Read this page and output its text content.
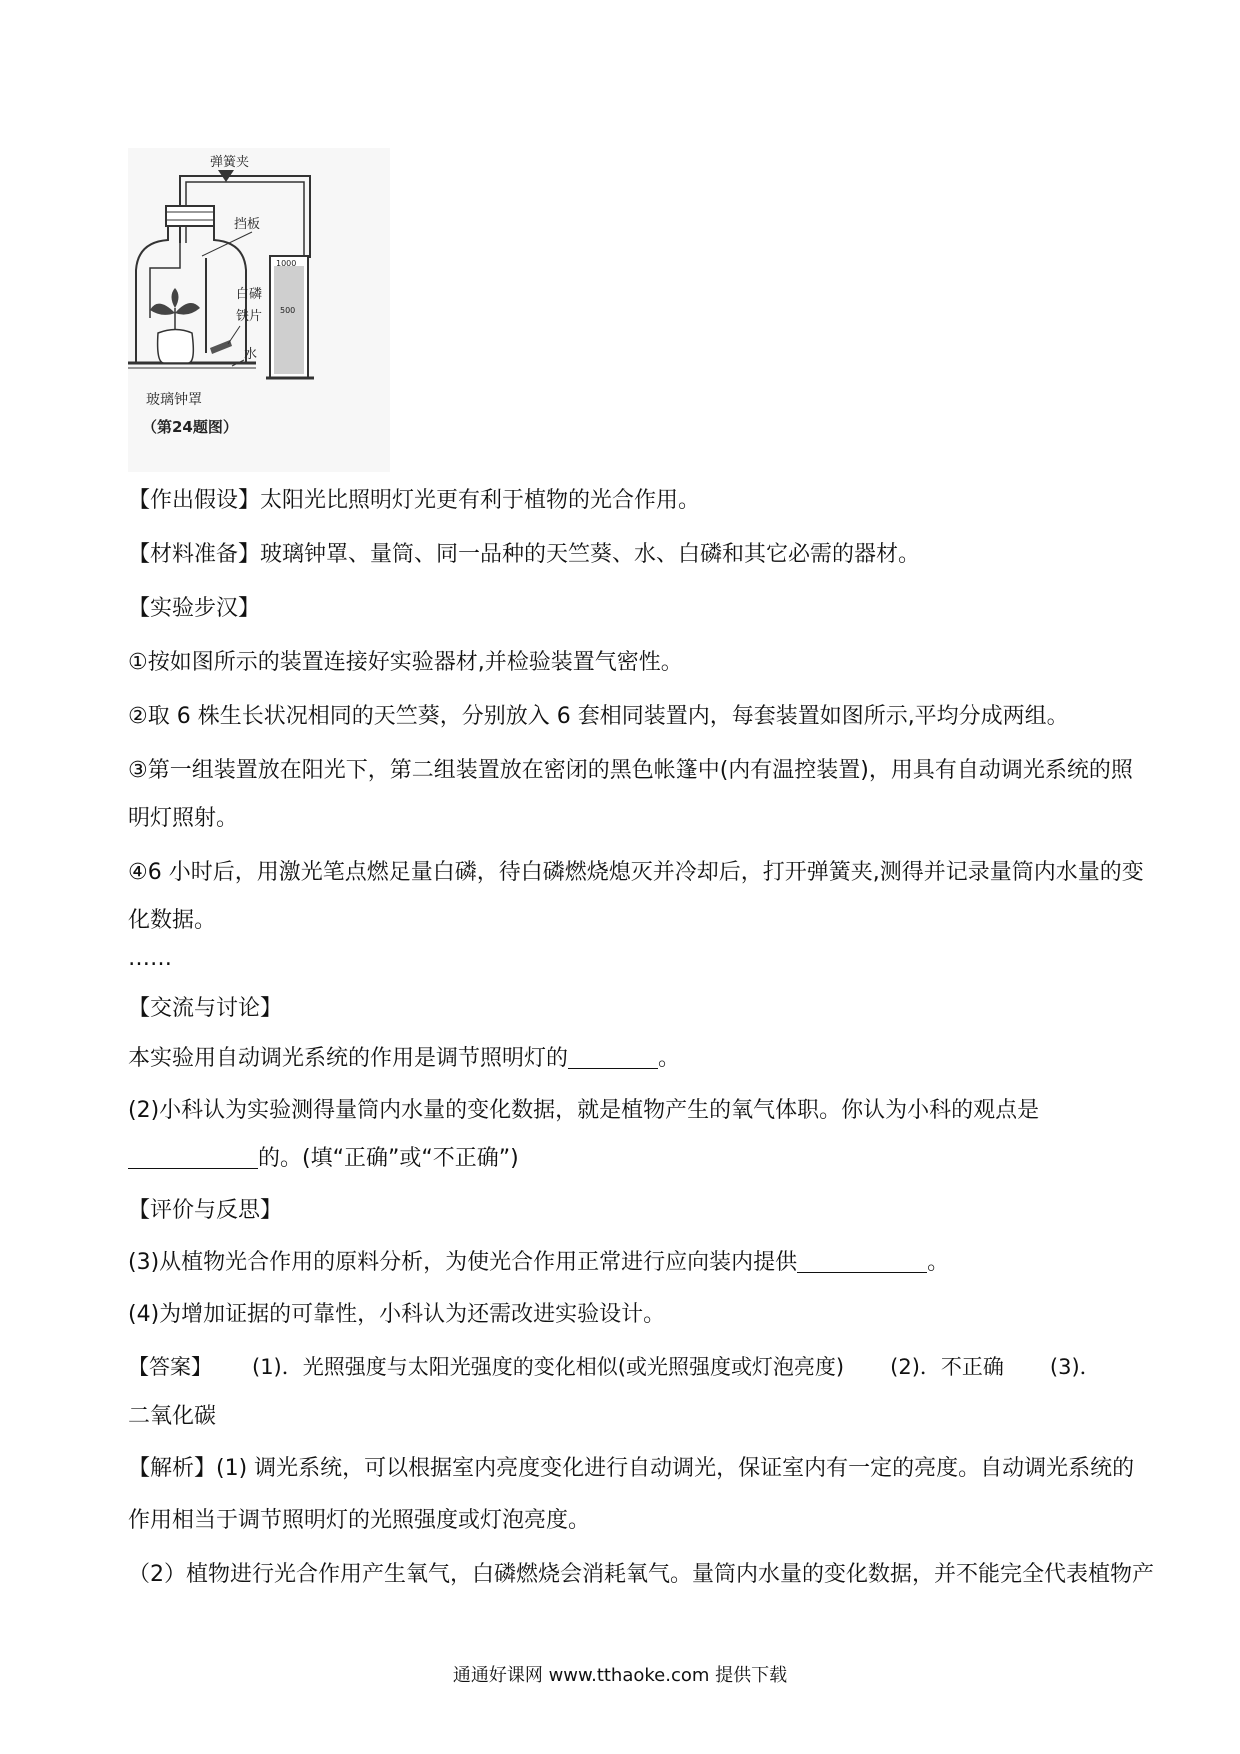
弹簧夹
挡板
白磷
铁片
水
1000
500
玻璃钟罩
（第24题图）
【作出假设】太阳光比照明灯光更有利于植物的光合作用。
【材料准备】玻璃钟罩、量筒、同一品种的天竺葵、水、白磷和其它必需的器材。
【实验步汉】
①按如图所示的装置连接好实验器材,并检验装置气密性。
②取 6 株生长状况相同的天竺葵，分别放入 6 套相同装置内，每套装置如图所示,平均分成两组。
③第一组装置放在阳光下，第二组装置放在密闭的黑色帐篷中(内有温控装置)，用具有自动调光系统的照
明灯照射。
④6 小时后，用激光笔点燃足量白磷，待白磷燃烧熄灭并冷却后，打开弹簧夹,测得并记录量筒内水量的变
化数据。
……
【交流与讨论】
本实验用自动调光系统的作用是调节照明灯的	。
(2)小科认为实验测得量筒内水量的变化数据，就是植物产生的氧气体职。你认为小科的观点是
的。(填“正确”或“不正确”)
【评价与反思】
(3)从植物光合作用的原料分析，为使光合作用正常进行应向装内提供	。
(4)为增加证据的可靠性，小科认为还需改进实验设计。
【答案】 (1)．光照强度与太阳光强度的变化相似(或光照强度或灯泡亮度) (2)．不正确 (3)．
二氧化碳
【解析】(1) 调光系统，可以根据室内亮度变化进行自动调光，保证室内有一定的亮度。自动调光系统的
作用相当于调节照明灯的光照强度或灯泡亮度。
（2）植物进行光合作用产生氧气，白磷燃烧会消耗氧气。量筒内水量的变化数据，并不能完全代表植物产
通通好课网 www.tthaoke.com 提供下载
